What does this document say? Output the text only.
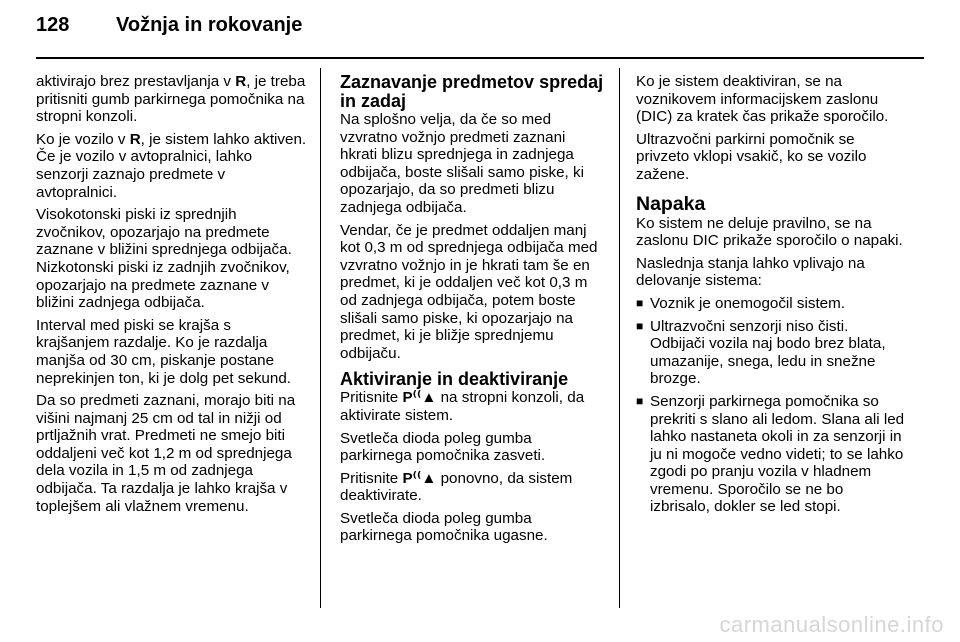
128	Vožnja in rokovanje

aktivirajo brez prestavljanja v R, je treba pritisniti gumb parkirnega pomočnika na stropni konzoli.

Ko je vozilo v R, je sistem lahko aktiven. Če je vozilo v avtopralnici, lahko senzorji zaznajo predmete v avtopralnici.

Visokotonski piski iz sprednjih zvočnikov, opozarjajo na predmete zaznane v bližini sprednjega odbijača. Nizkotonski piski iz zadnjih zvočnikov, opozarjajo na predmete zaznane v bližini zadnjega odbijača.

Interval med piski se krajša s krajšanjem razdalje. Ko je razdalja manjša od 30 cm, piskanje postane neprekinjen ton, ki je dolg pet sekund.

Da so predmeti zaznani, morajo biti na višini najmanj 25 cm od tal in nižji od prtljažnih vrat. Predmeti ne smejo biti oddaljeni več kot 1,2 m od sprednjega dela vozila in 1,5 m od zadnjega odbijača. Ta razdalja je lahko krajša v toplejšem ali vlažnem vremenu.

Zaznavanje predmetov spredaj in zadaj

Na splošno velja, da če so med vzvratno vožnjo predmeti zaznani hkrati blizu sprednjega in zadnjega odbijača, boste slišali samo piske, ki opozarjajo, da so predmeti blizu zadnjega odbijača.

Vendar, če je predmet oddaljen manj kot 0,3 m od sprednjega odbijača med vzvratno vožnjo in je hkrati tam še en predmet, ki je oddaljen več kot 0,3 m od zadnjega odbijača, potem boste slišali samo piske, ki opozarjajo na predmet, ki je bližje sprednjemu odbijaču.

Aktiviranje in deaktiviranje

Pritisnite P⁽⁽▲ na stropni konzoli, da aktivirate sistem.

Svetleča dioda poleg gumba parkirnega pomočnika zasveti.

Pritisnite P⁽⁽▲ ponovno, da sistem deaktivirate.

Svetleča dioda poleg gumba parkirnega pomočnika ugasne.

Ko je sistem deaktiviran, se na voznikovem informacijskem zaslonu (DIC) za kratek čas prikaže sporočilo.

Ultrazvočni parkirni pomočnik se privzeto vklopi vsakič, ko se vozilo zažene.

Napaka

Ko sistem ne deluje pravilno, se na zaslonu DIC prikaže sporočilo o napaki.

Naslednja stanja lahko vplivajo na delovanje sistema:

■ Voznik je onemogočil sistem.
■ Ultrazvočni senzorji niso čisti. Odbijači vozila naj bodo brez blata, umazanije, snega, ledu in snežne brozge.
■ Senzorji parkirnega pomočnika so prekriti s slano ali ledom. Slana ali led lahko nastaneta okoli in za senzorji in ju ni mogoče vedno videti; to se lahko zgodi po pranju vozila v hladnem vremenu. Sporočilo se ne bo izbrisalo, dokler se led stopi.
carmanualsonline.info
